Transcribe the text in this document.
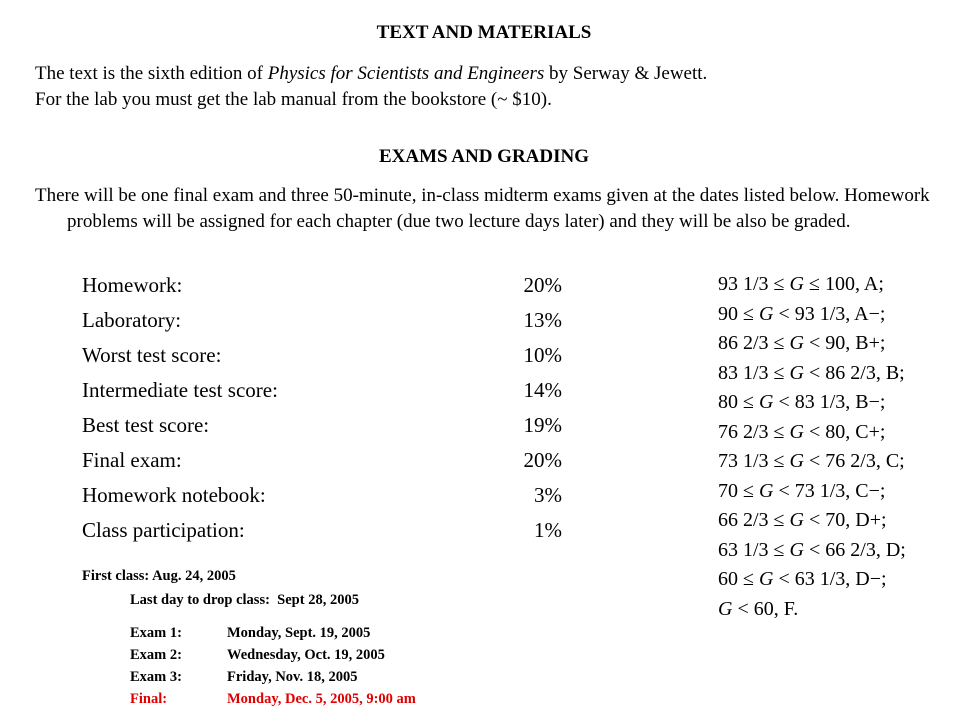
TEXT AND MATERIALS

The text is the sixth edition of Physics for Scientists and Engineers by Serway & Jewett.

For the lab you must get the lab manual from the bookstore (~ $10).

EXAMS AND GRADING
There will be one final exam and three 50-minute, in-class midterm exams given at the dates listed below. Homework problems will be assigned for each chapter (due two lecture days later) and they will be also be graded.
Homework:	20%
Laboratory:	13%
Worst test score:	10%
Intermediate test score:	14%
Best test score:	19%
Final exam:	20%
Homework notebook:	3%
Class participation:	1%
93 1/3 ≤ G ≤ 100, A;
90 ≤ G < 93 1/3, A−;
86 2/3 ≤ G < 90, B+;
83 1/3 ≤ G < 86 2/3, B;
80 ≤ G < 83 1/3, B−;
76 2/3 ≤ G < 80, C+;
73 1/3 ≤ G < 76 2/3, C;
70 ≤ G < 73 1/3, C−;
66 2/3 ≤ G < 70, D+;
63 1/3 ≤ G < 66 2/3, D;
60 ≤ G < 63 1/3, D−;
G < 60, F.
First class: Aug. 24, 2005
Last day to drop class: Sept 28, 2005
Exam 1:	Monday, Sept. 19, 2005
Exam 2:	Wednesday, Oct. 19, 2005
Exam 3:	Friday, Nov. 18, 2005
Final:	Monday, Dec. 5, 2005, 9:00 am
